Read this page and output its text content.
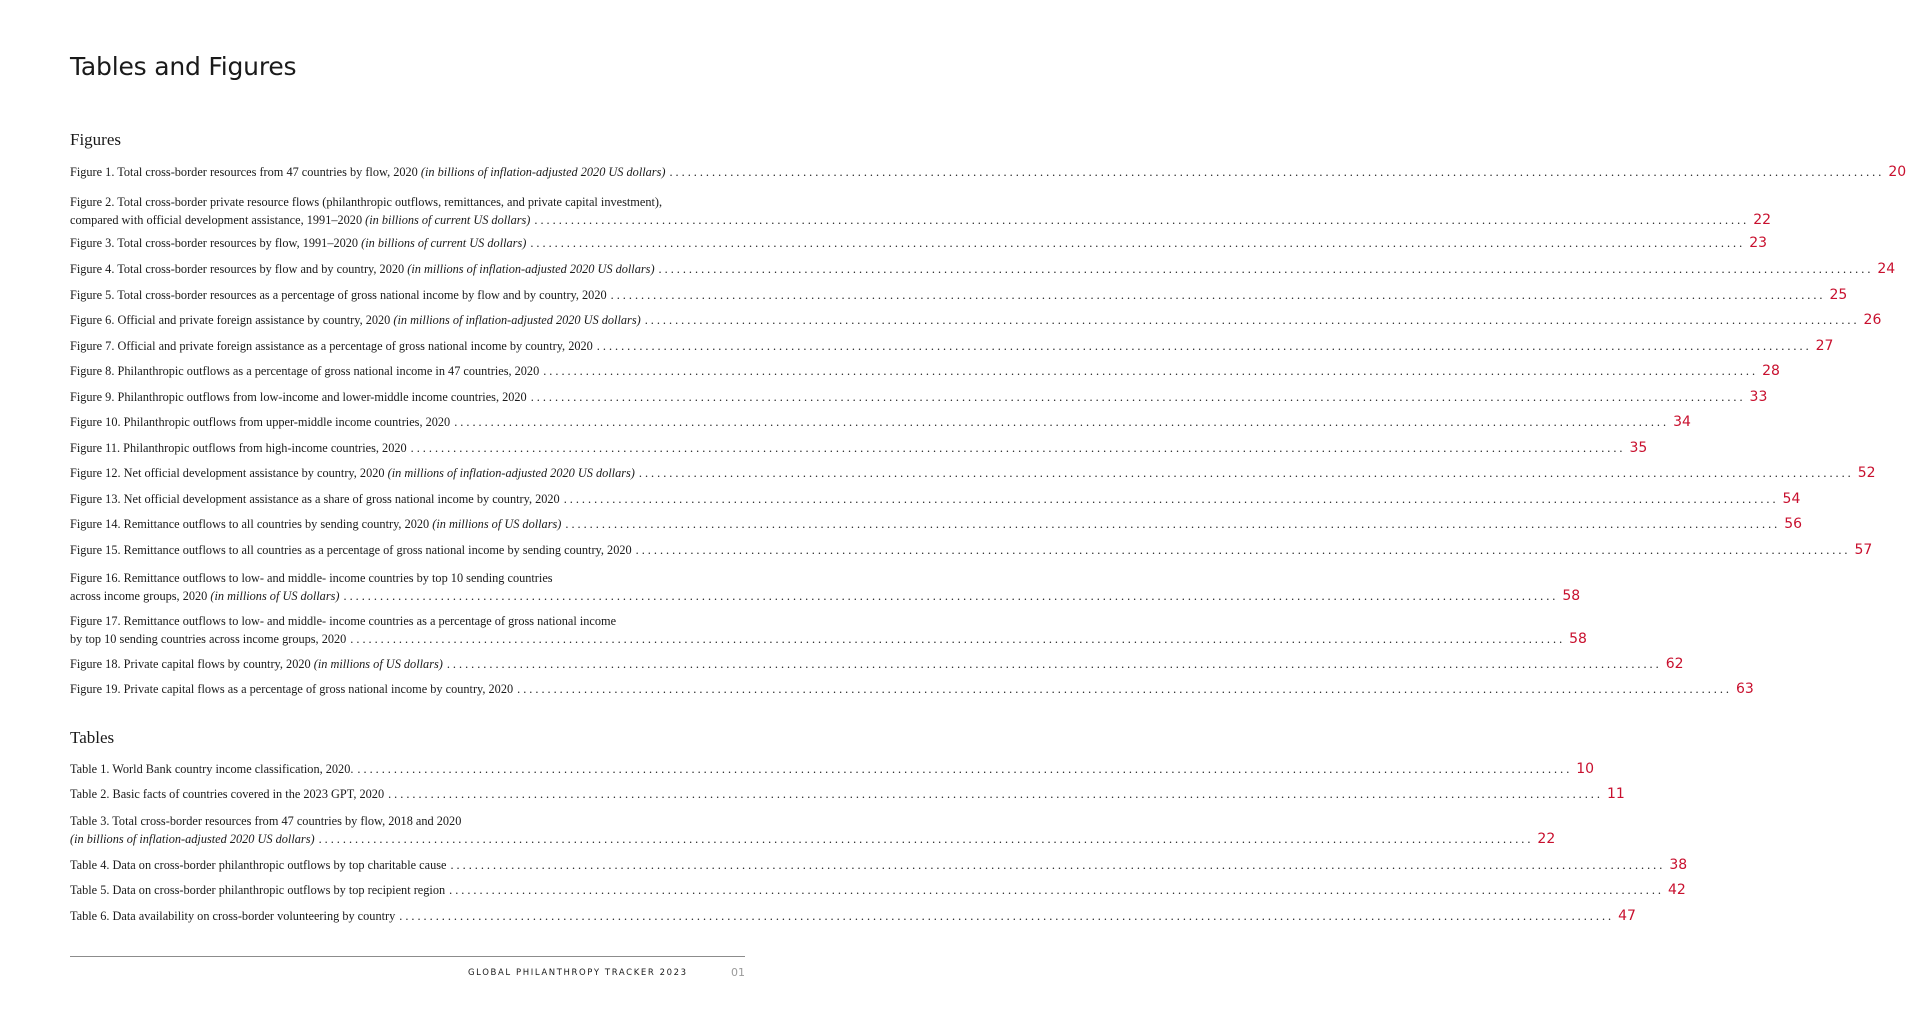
Tables and Figures
Figures
Figure 1. Total cross-border resources from 47 countries by flow, 2020 (in billions of inflation-adjusted 2020 US dollars) ........................................................................................................................................................................................................ 20
Figure 2. Total cross-border private resource flows (philanthropic outflows, remittances, and private capital investment),
compared with official development assistance, 1991–2020 (in billions of current US dollars) ........................................................................................................................................................................................................ 22
Figure 3. Total cross-border resources by flow, 1991–2020 (in billions of current US dollars) ........................................................................................................................................................................................................ 23
Figure 4. Total cross-border resources by flow and by country, 2020 (in millions of inflation-adjusted 2020 US dollars) ........................................................................................................................................................................................................ 24
Figure 5. Total cross-border resources as a percentage of gross national income by flow and by country, 2020 ........................................................................................................................................................................................................ 25
Figure 6. Official and private foreign assistance by country, 2020 (in millions of inflation-adjusted 2020 US dollars) ........................................................................................................................................................................................................ 26
Figure 7. Official and private foreign assistance as a percentage of gross national income by country, 2020 ........................................................................................................................................................................................................ 27
Figure 8. Philanthropic outflows as a percentage of gross national income in 47 countries, 2020 ........................................................................................................................................................................................................ 28
Figure 9. Philanthropic outflows from low-income and lower-middle income countries, 2020 ........................................................................................................................................................................................................ 33
Figure 10. Philanthropic outflows from upper-middle income countries, 2020 ........................................................................................................................................................................................................ 34
Figure 11. Philanthropic outflows from high-income countries, 2020 ........................................................................................................................................................................................................ 35
Figure 12. Net official development assistance by country, 2020 (in millions of inflation-adjusted 2020 US dollars) ........................................................................................................................................................................................................ 52
Figure 13. Net official development assistance as a share of gross national income by country, 2020 ........................................................................................................................................................................................................ 54
Figure 14. Remittance outflows to all countries by sending country, 2020 (in millions of US dollars) ........................................................................................................................................................................................................ 56
Figure 15. Remittance outflows to all countries as a percentage of gross national income by sending country, 2020 ........................................................................................................................................................................................................ 57
Figure 16. Remittance outflows to low- and middle- income countries by top 10 sending countries
across income groups, 2020 (in millions of US dollars) ........................................................................................................................................................................................................ 58
Figure 17. Remittance outflows to low- and middle- income countries as a percentage of gross national income
by top 10 sending countries across income groups, 2020 ........................................................................................................................................................................................................ 58
Figure 18. Private capital flows by country, 2020 (in millions of US dollars) ........................................................................................................................................................................................................ 62
Figure 19. Private capital flows as a percentage of gross national income by country, 2020 ........................................................................................................................................................................................................ 63
Tables
Table 1. World Bank country income classification, 2020. ........................................................................................................................................................................................................ 10
Table 2. Basic facts of countries covered in the 2023 GPT, 2020 ........................................................................................................................................................................................................ 11
Table 3. Total cross-border resources from 47 countries by flow, 2018 and 2020
(in billions of inflation-adjusted 2020 US dollars) ........................................................................................................................................................................................................ 22
Table 4. Data on cross-border philanthropic outflows by top charitable cause ........................................................................................................................................................................................................ 38
Table 5. Data on cross-border philanthropic outflows by top recipient region ........................................................................................................................................................................................................ 42
Table 6. Data availability on cross-border volunteering by country ........................................................................................................................................................................................................ 47
GLOBAL PHILANTHROPY TRACKER 2023	01
